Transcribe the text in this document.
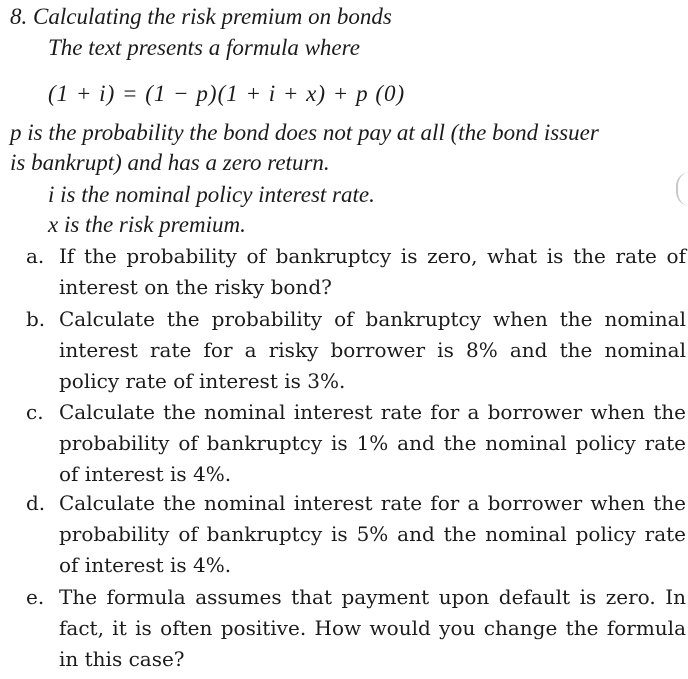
8. Calculating the risk premium on bonds
The text presents a formula where
(1 + i) = (1 − p)(1 + i + x) + p (0)
p is the probability the bond does not pay at all (the bond issuer
is bankrupt) and has a zero return.
i is the nominal policy interest rate.
x is the risk premium.
a. If the probability of bankruptcy is zero, what is the rate of interest on the risky bond?
b. Calculate the probability of bankruptcy when the nominal interest rate for a risky borrower is 8% and the nominal policy rate of interest is 3%.
c. Calculate the nominal interest rate for a borrower when the probability of bankruptcy is 1% and the nominal policy rate of interest is 4%.
d. Calculate the nominal interest rate for a borrower when the probability of bankruptcy is 5% and the nominal policy rate of interest is 4%.
e. The formula assumes that payment upon default is zero. In fact, it is often positive. How would you change the formula in this case?
